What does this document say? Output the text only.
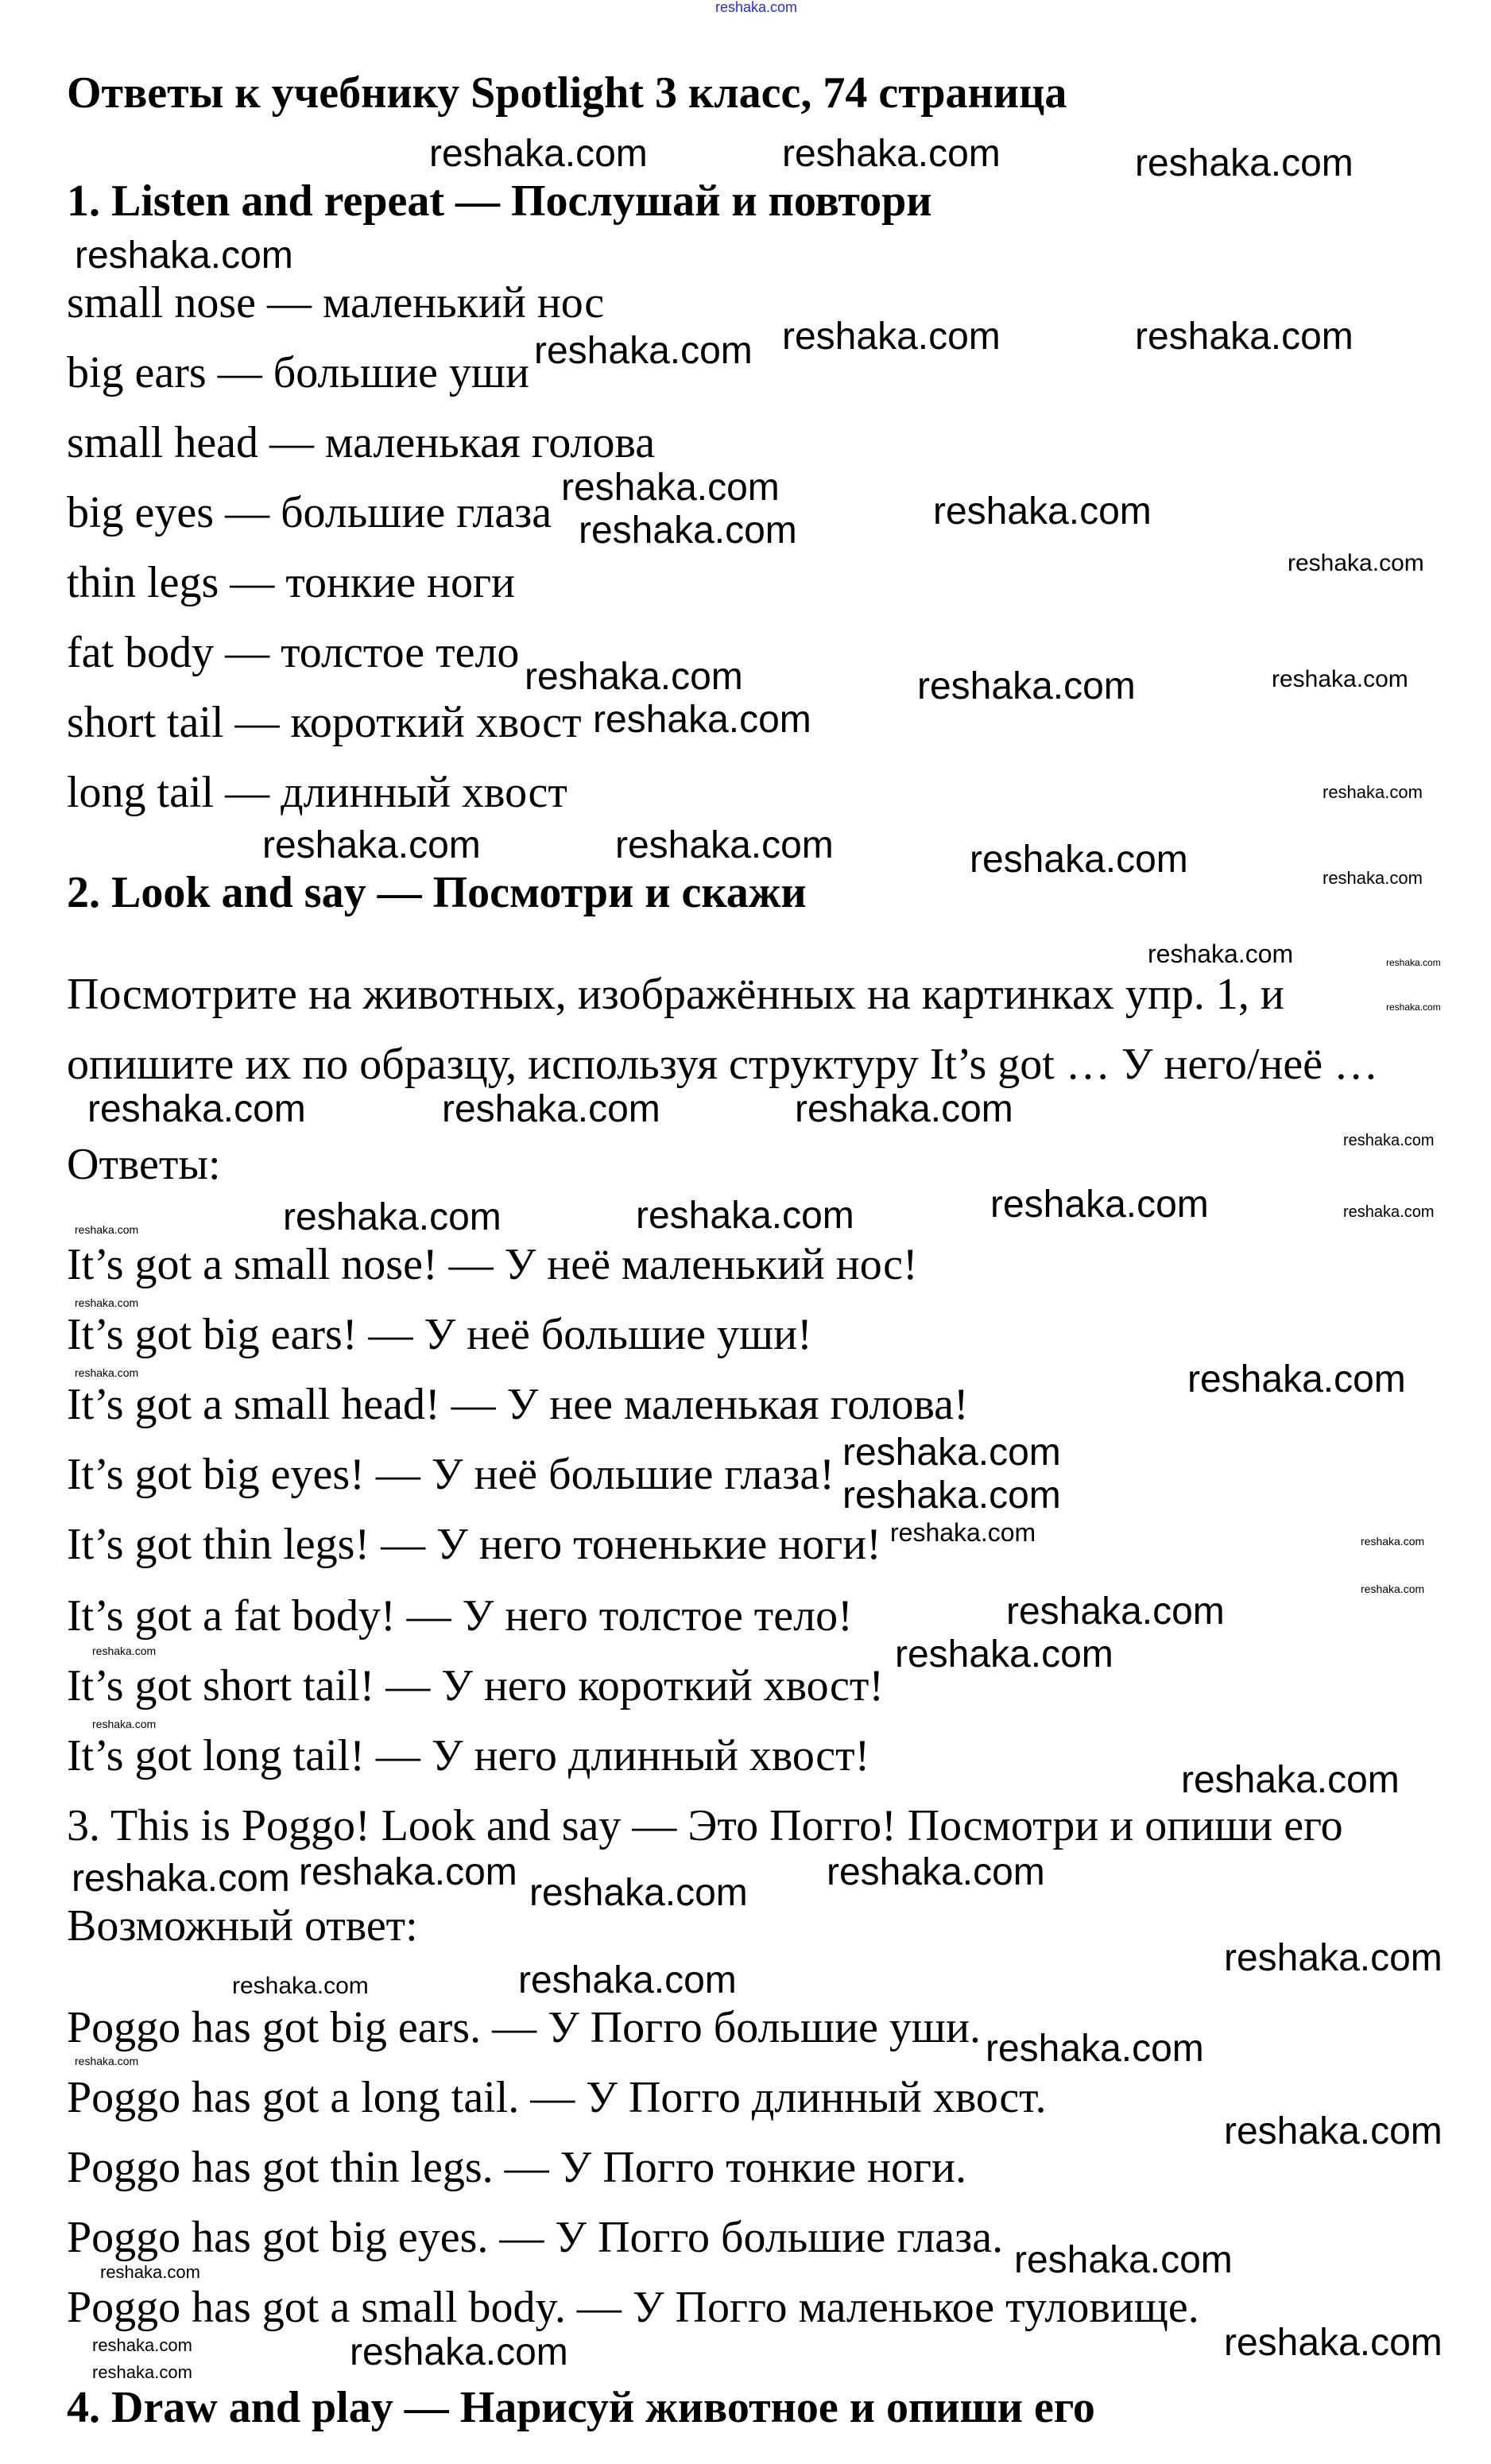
Ответы к учебнику Spotlight 3 класс, 74 страница
1. Listen and repeat — Послушай и повтори
small nose — маленький нос
big ears — большие уши
small head — маленькая голова
big eyes — большие глаза
thin legs — тонкие ноги
fat body — толстое тело
short tail — короткий хвост
long tail — длинный хвост
2. Look and say — Посмотри и скажи
Посмотрите на животных, изображённых на картинках упр. 1, и
опишите их по образцу, используя структуру It’s got … У него/неё …
Ответы:
It’s got a small nose! — У неё маленький нос!
It’s got big ears! — У неё большие уши!
It’s got a small head! — У нее маленькая голова!
It’s got big eyes! — У неё большие глаза!
It’s got thin legs! — У него тоненькие ноги!
It’s got a fat body! — У него толстое тело!
It’s got short tail! — У него короткий хвост!
It’s got long tail! — У него длинный хвост!
3. This is Poggo! Look and say — Это Погго! Посмотри и опиши его
Возможный ответ:
Poggo has got big ears. — У Погго большие уши.
Poggo has got a long tail. — У Погго длинный хвост.
Poggo has got thin legs. — У Погго тонкие ноги.
Poggo has got big eyes. — У Погго большие глаза.
Poggo has got a small body. — У Погго маленькое туловище.
4. Draw and play — Нарисуй животное и опиши его
reshaka.com
reshaka.com	reshaka.com	reshaka.com
reshaka.com
reshaka.com reshaka.com	reshaka.com
reshaka.com
reshaka.com	reshaka.com
reshaka.com
reshaka.com
reshaka.com
reshaka.com	reshaka.com
reshaka.com
reshaka.com
reshaka.com	reshaka.com	reshaka.com
reshaka.com
reshaka.com
reshaka.com	reshaka.com	reshaka.com
reshaka.com
reshaka.com
reshaka.com
reshaka.com
reshaka.com	reshaka.com
reshaka.com
reshaka.com
reshaka.com	reshaka.com
reshaka.com
reshaka.com
reshaka.com	reshaka.com
reshaka.com
reshaka.com
reshaka.com
reshaka.com
reshaka.com
reshaka.com
reshaka.com
reshaka.com
reshaka.com	reshaka.com
reshaka.com
reshaka.com
reshaka.com
reshaka.com
reshaka.com
reshaka.com
reshaka.com	reshaka.com
reshaka.com	reshaka.com
reshaka.com
reshaka.com
